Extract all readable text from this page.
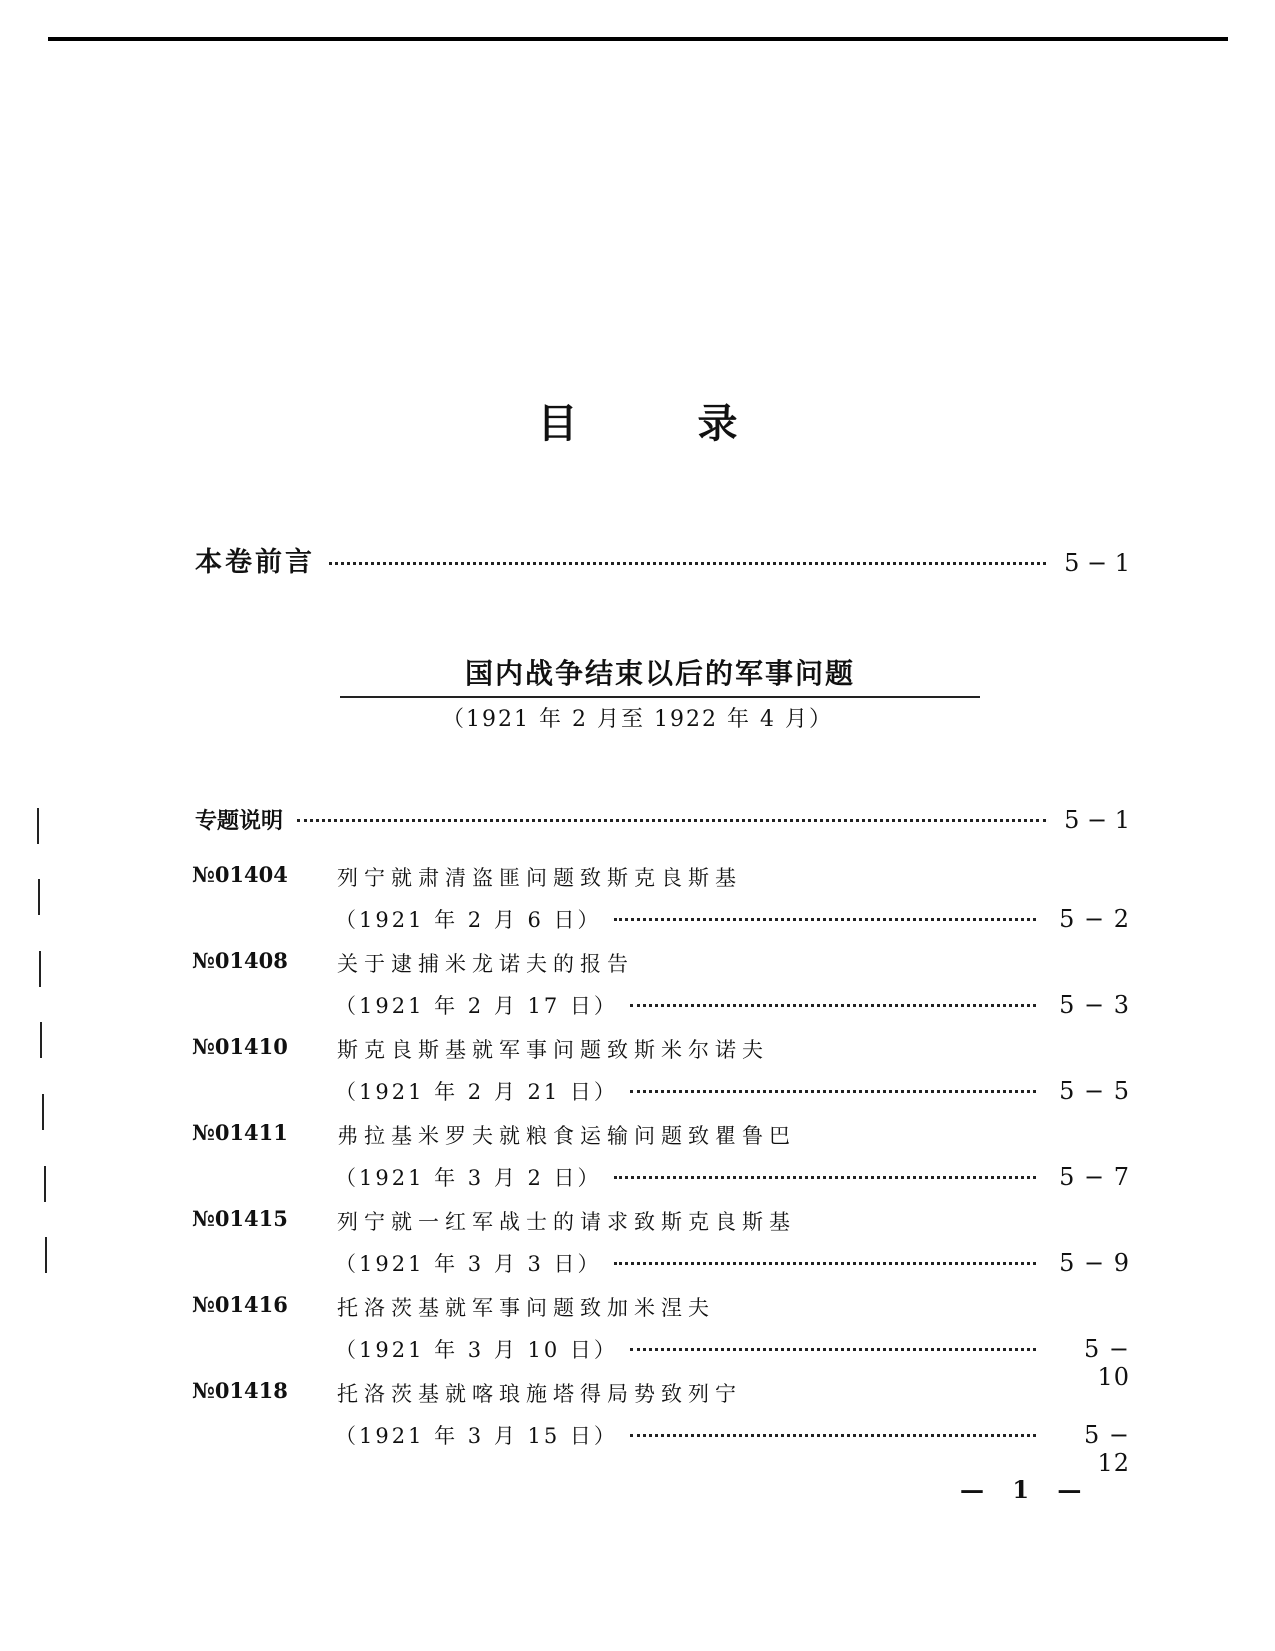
目录
本卷前言	5 − 1
国内战争结束以后的军事问题
（1921 年 2 月至 1922 年 4 月）
专题说明	5 − 1
№01404 列宁就肃清盗匪问题致斯克良斯基
（1921 年 2 月 6 日）	5 − 2
№01408 关于逮捕米龙诺夫的报告
（1921 年 2 月 17 日）	5 − 3
№01410 斯克良斯基就军事问题致斯米尔诺夫
（1921 年 2 月 21 日）	5 − 5
№01411 弗拉基米罗夫就粮食运输问题致瞿鲁巴
（1921 年 3 月 2 日）	5 − 7
№01415 列宁就一红军战士的请求致斯克良斯基
（1921 年 3 月 3 日）	5 − 9
№01416 托洛茨基就军事问题致加米涅夫
（1921 年 3 月 10 日）	5 − 10
№01418 托洛茨基就喀琅施塔得局势致列宁
（1921 年 3 月 15 日）	5 − 12
— 1 —
